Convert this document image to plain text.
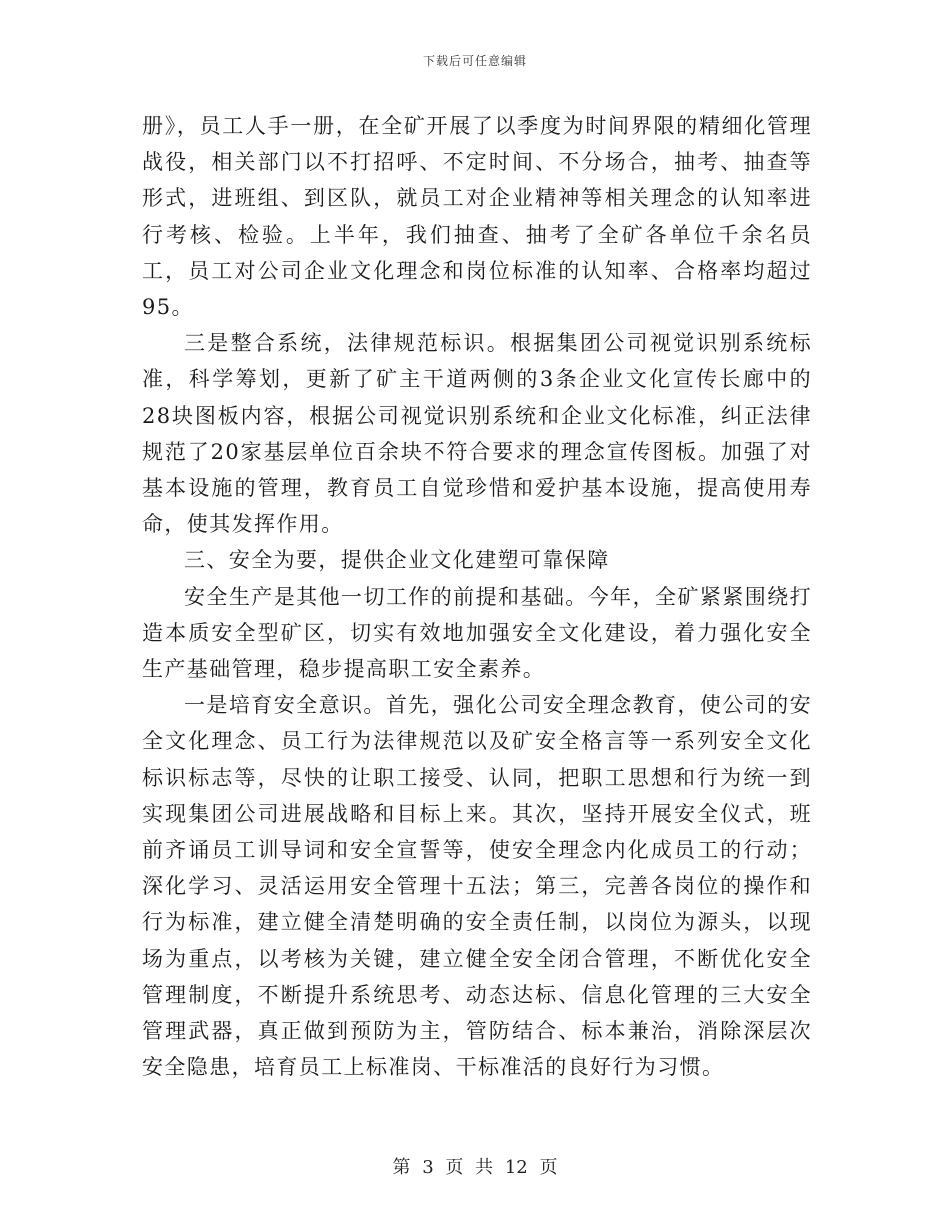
下载后可任意编辑

册》，员工人手一册，在全矿开展了以季度为时间界限的精细化管理战役，相关部门以不打招呼、不定时间、不分场合，抽考、抽查等形式，进班组、到区队，就员工对企业精神等相关理念的认知率进行考核、检验。上半年，我们抽查、抽考了全矿各单位千余名员工，员工对公司企业文化理念和岗位标准的认知率、合格率均超过95。

三是整合系统，法律规范标识。根据集团公司视觉识别系统标准，科学筹划，更新了矿主干道两侧的3条企业文化宣传长廊中的28块图板内容，根据公司视觉识别系统和企业文化标准，纠正法律规范了20家基层单位百余块不符合要求的理念宣传图板。加强了对基本设施的管理，教育员工自觉珍惜和爱护基本设施，提高使用寿命，使其发挥作用。

三、安全为要，提供企业文化建塑可靠保障

安全生产是其他一切工作的前提和基础。今年，全矿紧紧围绕打造本质安全型矿区，切实有效地加强安全文化建设，着力强化安全生产基础管理，稳步提高职工安全素养。

一是培育安全意识。首先，强化公司安全理念教育，使公司的安全文化理念、员工行为法律规范以及矿安全格言等一系列安全文化标识标志等，尽快的让职工接受、认同，把职工思想和行为统一到实现集团公司进展战略和目标上来。其次，坚持开展安全仪式，班前齐诵员工训导词和安全宣誓等，使安全理念内化成员工的行动；深化学习、灵活运用安全管理十五法；第三，完善各岗位的操作和行为标准，建立健全清楚明确的安全责任制，以岗位为源头，以现场为重点，以考核为关键，建立健全安全闭合管理，不断优化安全管理制度，不断提升系统思考、动态达标、信息化管理的三大安全管理武器，真正做到预防为主，管防结合、标本兼治，消除深层次安全隐患，培育员工上标准岗、干标准活的良好行为习惯。

第 3 页 共 12 页
